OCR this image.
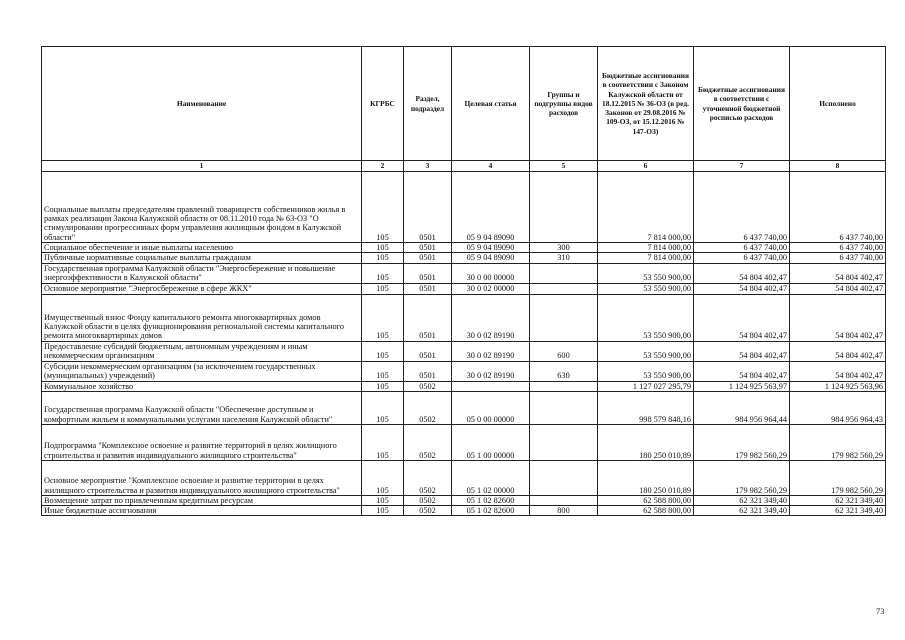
Наименование	КГРБС	Раздел, подраздел	Целевая статья	Группы и подгруппы видов расходов	Бюджетные ассигнования в соответствии с Законом Калужской области от 18.12.2015 № 36-ОЗ (в ред. Законов от 29.08.2016 № 109-ОЗ, от 15.12.2016 № 147-ОЗ)	Бюджетные ассигнования в соответствии с уточненной бюджетной росписью расходов	Исполнено
1	2	3	4	5	6	7	8
Социальные выплаты председателям правлений товариществ собственников жилья в рамках реализации Закона Калужской области от 08.11.2010 года № 63-ОЗ "О стимулировании прогрессивных форм управления жилищным фондом в Калужской области"	105	0501	05 9 04 89090		7 814 000,00	6 437 740,00	6 437 740,00
Социальное обеспечение и иные выплаты населению	105	0501	05 9 04 89090	300	7 814 000,00	6 437 740,00	6 437 740,00
Публичные нормативные социальные выплаты гражданам	105	0501	05 9 04 89090	310	7 814 000,00	6 437 740,00	6 437 740,00
Государственная программа Калужской области "Энергосбережение и повышение энергоэффективности в Калужской области"	105	0501	30 0 00 00000		53 550 900,00	54 804 402,47	54 804 402,47
Основное мероприятие "Энергосбережение в сфере ЖКХ"	105	0501	30 0 02 00000		53 550 900,00	54 804 402,47	54 804 402,47
Имущественный взнос Фонду капитального ремонта многоквартирных домов Калужской области в целях функционирования региональной системы капитального ремонта многоквартирных домов	105	0501	30 0 02 89190		53 550 900,00	54 804 402,47	54 804 402,47
Предоставление субсидий бюджетным, автономным учреждениям и иным некоммерческим организациям	105	0501	30 0 02 89190	600	53 550 900,00	54 804 402,47	54 804 402,47
Субсидии некоммерческим организациям (за исключением государственных (муниципальных) учреждений)	105	0501	30 0 02 89190	630	53 550 900,00	54 804 402,47	54 804 402,47
Коммунальное хозяйство	105	0502			1 127 027 295,79	1 124 925 563,97	1 124 925 563,96
Государственная программа Калужской области "Обеспечение доступным и комфортным жильем и коммунальными услугами населения Калужской области"	105	0502	05 0 00 00000		998 579 848,16	984 956 964,44	984 956 964,43
Подпрограмма "Комплексное освоение и развитие территорий в целях жилищного строительства и развития индивидуального жилищного строительства"	105	0502	05 1 00 00000		180 250 010,89	179 982 560,29	179 982 560,29
Основное мероприятие "Комплексное освоение и развитие территории в целях жилищного строительства и развития индивидуального жилищного строительства"	105	0502	05 1 02 00000		180 250 010,89	179 982 560,29	179 982 560,29
Возмещение затрат по привлеченным кредитным ресурсам	105	0502	05 1 02 82600		62 588 800,00	62 321 349,40	62 321 349,40
Иные бюджетные ассигнования	105	0502	05 1 02 82600	800	62 588 800,00	62 321 349,40	62 321 349,40
73
